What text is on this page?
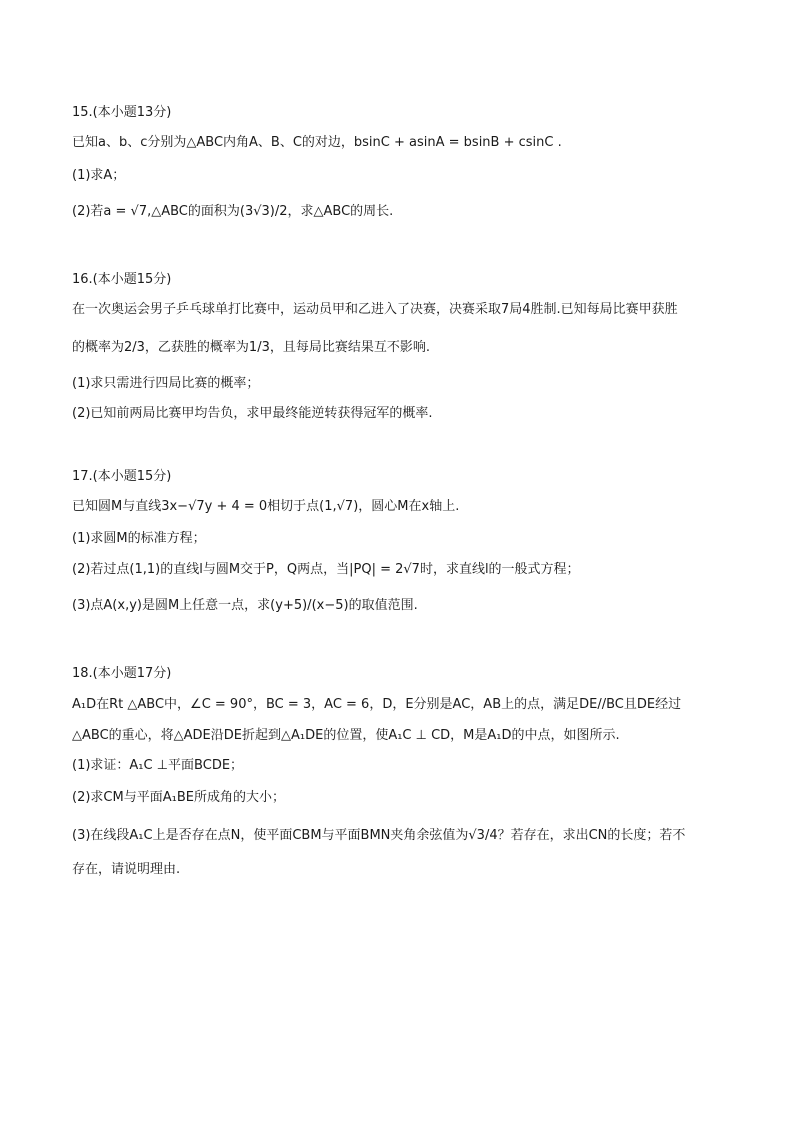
15.(本小题13分)
已知a、b、c分别为△ABC内角A、B、C的对边，bsinC + asinA = bsinB + csinC .
(1)求A；
(2)若a = √7,△ABC的面积为(3√3)/2，求△ABC的周长.
16.(本小题15分)
在一次奥运会男子乒乓球单打比赛中，运动员甲和乙进入了决赛，决赛采取7局4胜制.已知每局比赛甲获胜
的概率为2/3，乙获胜的概率为1/3，且每局比赛结果互不影响.
(1)求只需进行四局比赛的概率；
(2)已知前两局比赛甲均告负，求甲最终能逆转获得冠军的概率.
17.(本小题15分)
已知圆M与直线3x−√7y + 4 = 0相切于点(1,√7)，圆心M在x轴上.
(1)求圆M的标准方程；
(2)若过点(1,1)的直线l与圆M交于P，Q两点，当|PQ| = 2√7时，求直线l的一般式方程；
(3)点A(x,y)是圆M上任意一点，求(y+5)/(x−5)的取值范围.
18.(本小题17分)
A₁D在Rt △ABC中，∠C = 90°，BC = 3，AC = 6，D，E分别是AC，AB上的点，满足DE//BC且DE经过
△ABC的重心，将△ADE沿DE折起到△A₁DE的位置，使A₁C ⊥ CD，M是A₁D的中点，如图所示.
(1)求证：A₁C ⊥平面BCDE；
(2)求CM与平面A₁BE所成角的大小；
(3)在线段A₁C上是否存在点N，使平面CBM与平面BMN夹角余弦值为√3/4？若存在，求出CN的长度；若不
存在，请说明理由.
